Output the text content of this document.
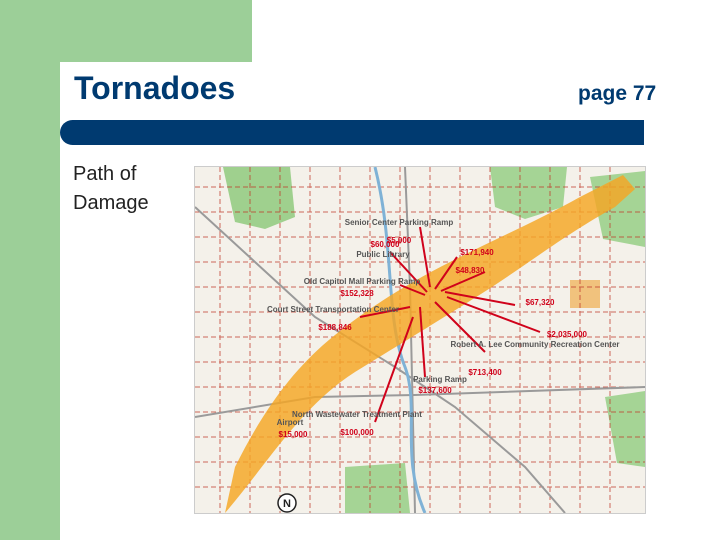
Tornadoes	page 77
Path of Damage
Senior Center Parking Ramp
$5,000
Public Library
$60,000
$171,940
$48,830
Old Capitol Mall Parking Ramp
$152,328
Court Street Transportation Center
$188,846
$67,320
$2,035,000
Robert A. Lee Community Recreation Center
$713,400
Parking Ramp
$137,600
North Wastewater Treatment Plant
$100,000
Airport
$15,000
N
